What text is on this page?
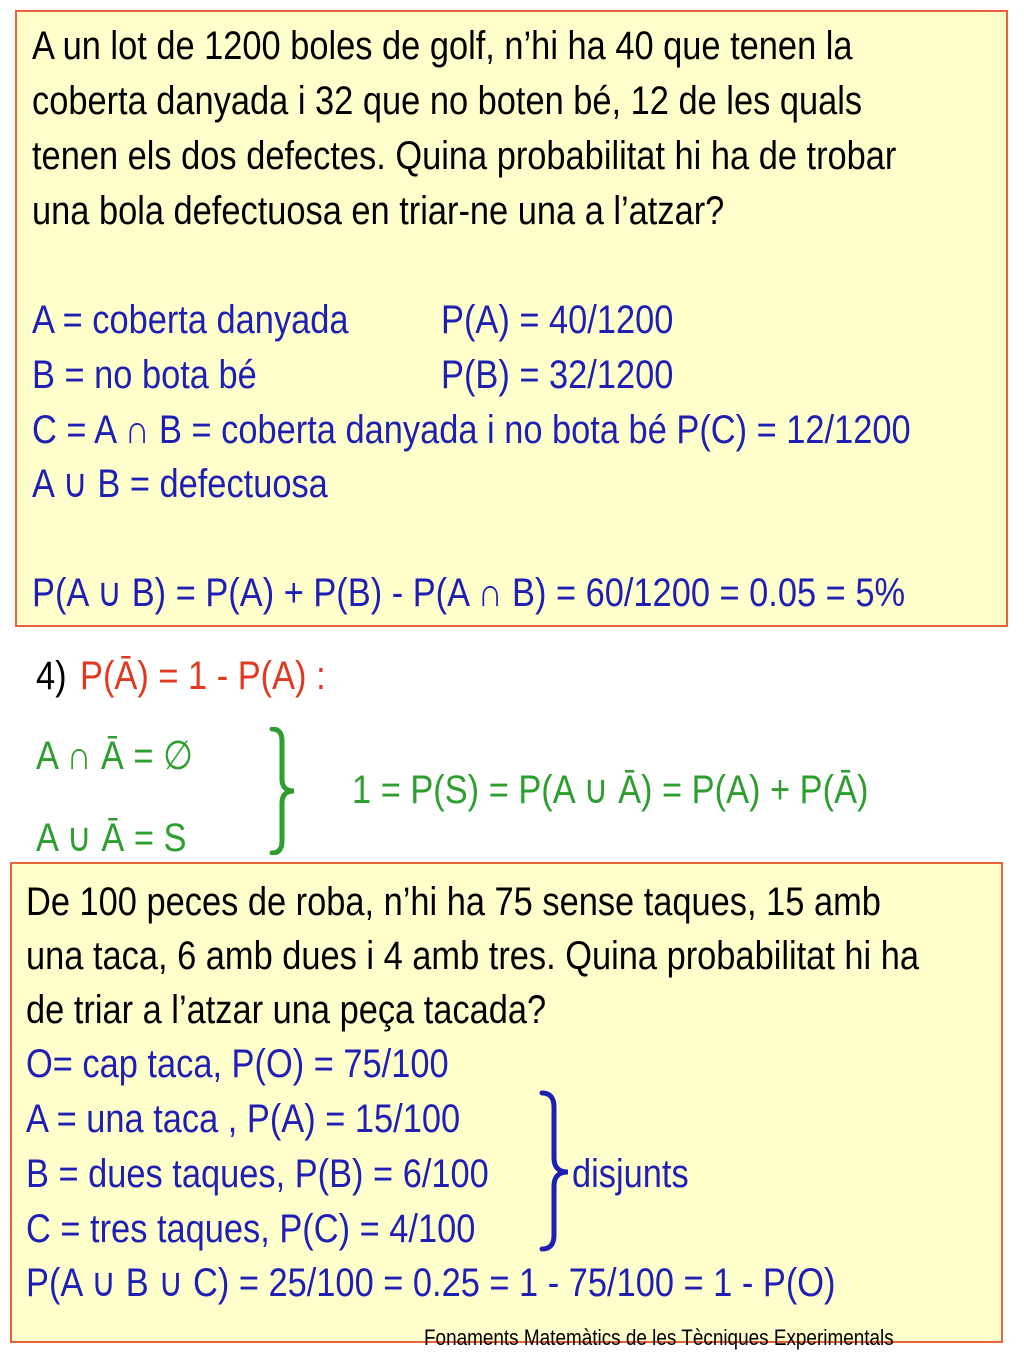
A un lot de 1200 boles de golf, n’hi ha 40 que tenen la
coberta danyada i 32 que no boten bé, 12 de les quals
tenen els dos defectes. Quina probabilitat hi ha de trobar
una bola defectuosa en triar-ne una a l’atzar?
A = coberta danyada P(A) = 40/1200
B = no bota bé	P(B) = 32/1200
C = A ∩ B = coberta danyada i no bota bé P(C) = 12/1200
A ∪ B = defectuosa
P(A ∪ B) = P(A) + P(B) - P(A ∩ B) = 60/1200 = 0.05 = 5%
4) P(Ā) = 1 - P(A) :
A ∩ Ā = ∅
A ∪ Ā = S
1 = P(S) = P(A ∪ Ā) = P(A) + P(Ā)
De 100 peces de roba, n’hi ha 75 sense taques, 15 amb
una taca, 6 amb dues i 4 amb tres. Quina probabilitat hi ha
de triar a l’atzar una peça tacada?
O= cap taca, P(O) = 75/100
A = una taca , P(A) = 15/100
B = dues taques, P(B) = 6/100 disjunts
C = tres taques, P(C) = 4/100
P(A ∪ B ∪ C) = 25/100 = 0.25 = 1 - 75/100 = 1 - P(O)
Fonaments Matemàtics de les Tècniques Experimentals
